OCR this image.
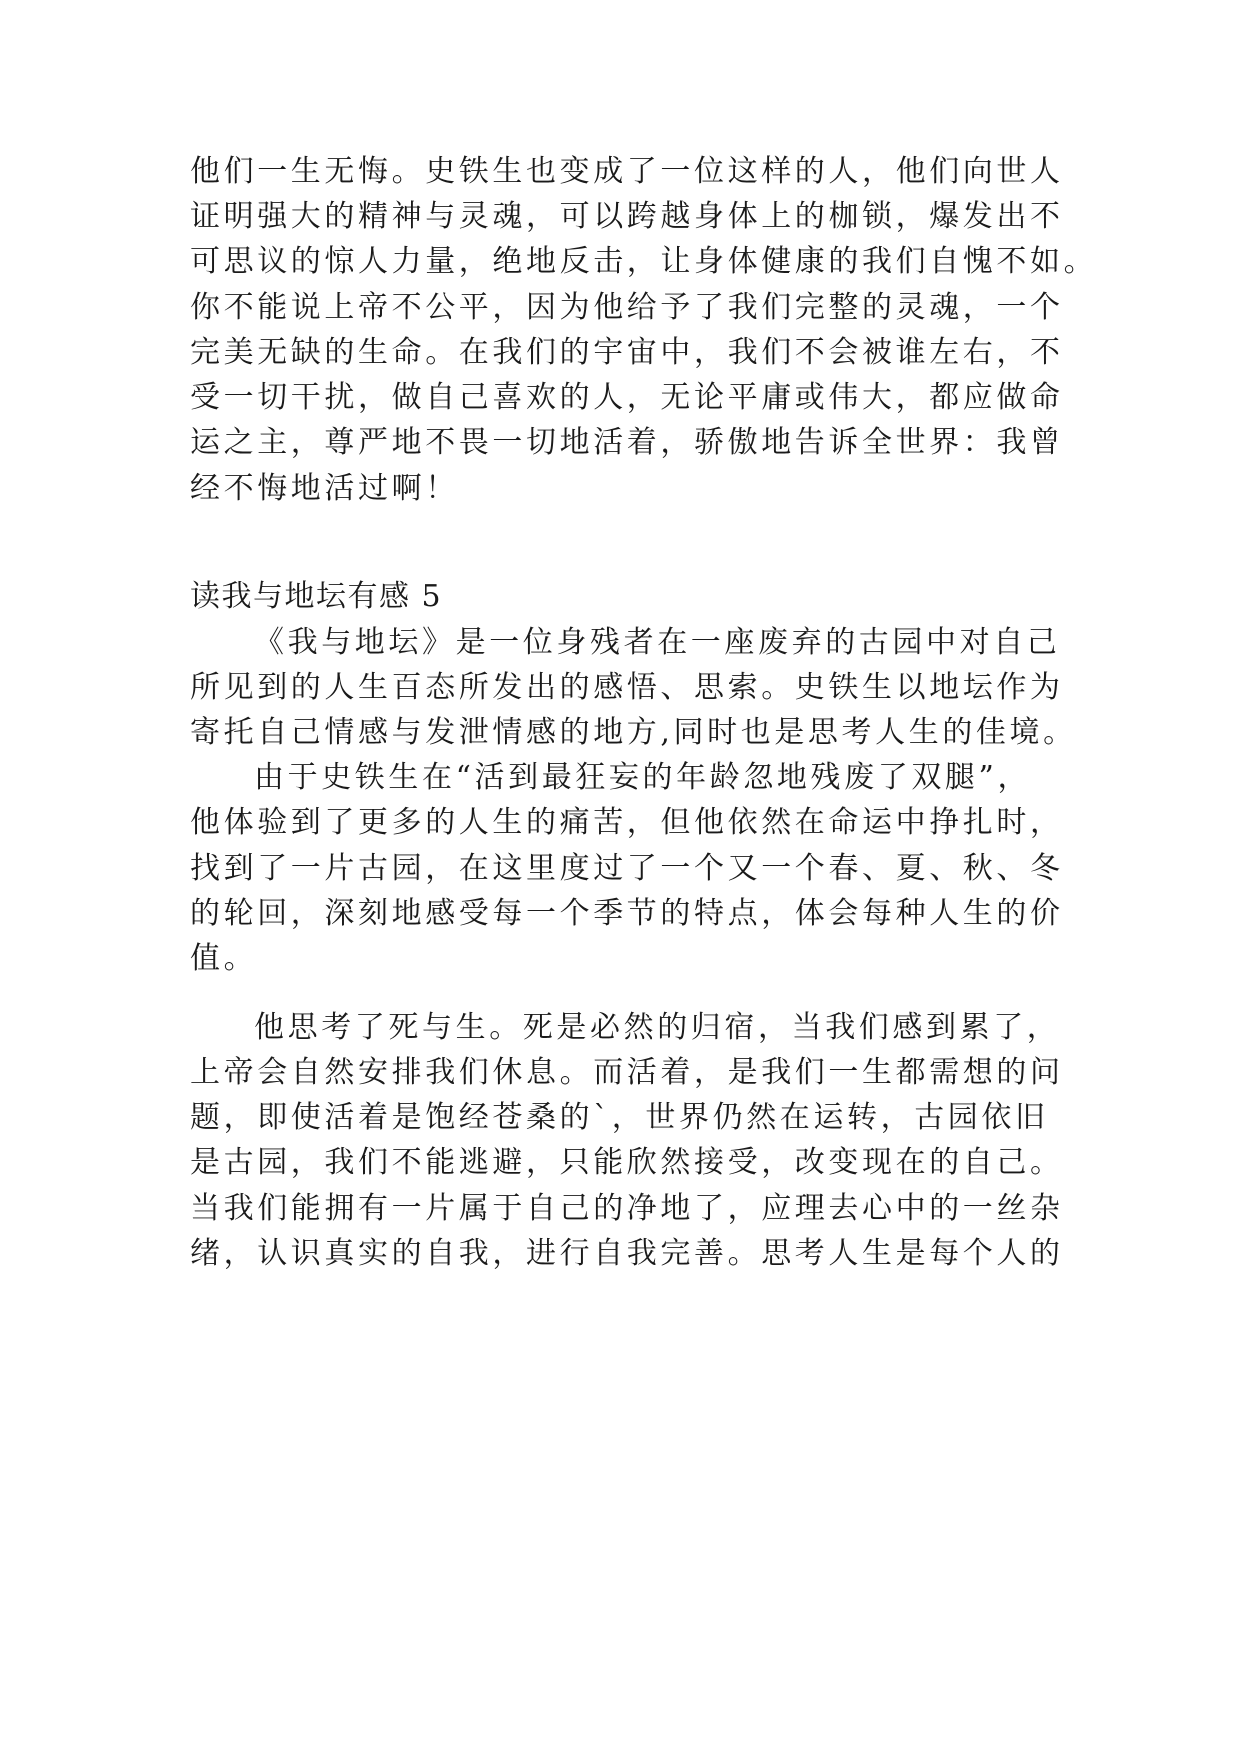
他们一生无悔。史铁生也变成了一位这样的人，他们向世人
证明强大的精神与灵魂，可以跨越身体上的枷锁，爆发出不
可思议的惊人力量，绝地反击，让身体健康的我们自愧不如。
你不能说上帝不公平，因为他给予了我们完整的灵魂，一个
完美无缺的生命。在我们的宇宙中，我们不会被谁左右，不
受一切干扰，做自己喜欢的人，无论平庸或伟大，都应做命
运之主，尊严地不畏一切地活着，骄傲地告诉全世界：我曾
经不悔地活过啊！
读我与地坛有感 5
《我与地坛》是一位身残者在一座废弃的古园中对自己
所见到的人生百态所发出的感悟、思索。史铁生以地坛作为
寄托自己情感与发泄情感的地方,同时也是思考人生的佳境。
由于史铁生在“活到最狂妄的年龄忽地残废了双腿”，
他体验到了更多的人生的痛苦，但他依然在命运中挣扎时，
找到了一片古园，在这里度过了一个又一个春、夏、秋、冬
的轮回，深刻地感受每一个季节的特点，体会每种人生的价
值。
他思考了死与生。死是必然的归宿，当我们感到累了，
上帝会自然安排我们休息。而活着，是我们一生都需想的问
题，即使活着是饱经苍桑的`，世界仍然在运转，古园依旧
是古园，我们不能逃避，只能欣然接受，改变现在的自己。
当我们能拥有一片属于自己的净地了，应理去心中的一丝杂
绪，认识真实的自我，进行自我完善。思考人生是每个人的
